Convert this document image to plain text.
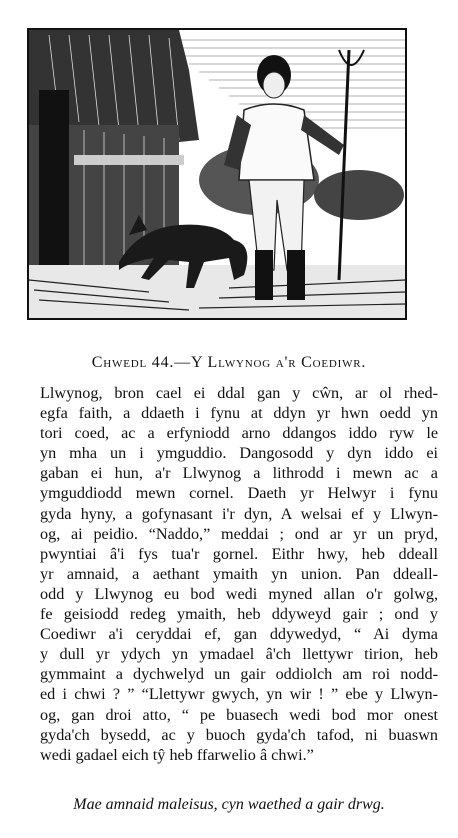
Chwedl 44.—Y Llwynog a'r Coediwr.
Llwynog, bron cael ei ddal gan y cŵn, ar ol rhed-
egfa faith, a ddaeth i fynu at ddyn yr hwn oedd yn
tori coed, ac a erfyniodd arno ddangos iddo ryw le
yn mha un i ymguddio. Dangosodd y dyn iddo ei
gaban ei hun, a'r Llwynog a lithrodd i mewn ac a
ymguddiodd mewn cornel. Daeth yr Helwyr i fynu
gyda hyny, a gofynasant i'r dyn, A welsai ef y Llwyn-
og, ai peidio. “Naddo,” meddai ; ond ar yr un pryd,
pwyntiai â'i fys tua'r gornel. Eithr hwy, heb ddeall
yr amnaid, a aethant ymaith yn union. Pan ddeall-
odd y Llwynog eu bod wedi myned allan o'r golwg,
fe geisiodd redeg ymaith, heb ddyweyd gair ; ond y
Coediwr a'i ceryddai ef, gan ddywedyd, “ Ai dyma
y dull yr ydych yn ymadael â'ch llettywr tirion, heb
gymmaint a dychwelyd un gair oddiolch am roi nodd-
ed i chwi ? ” “Llettywr gwych, yn wir ! ” ebe y Llwyn-
og, gan droi atto, “ pe buasech wedi bod mor onest
gyda'ch bysedd, ac y buoch gyda'ch tafod, ni buaswn
wedi gadael eich tŷ heb ffarwelio â chwi.”
Mae amnaid maleisus, cyn waethed a gair drwg.
